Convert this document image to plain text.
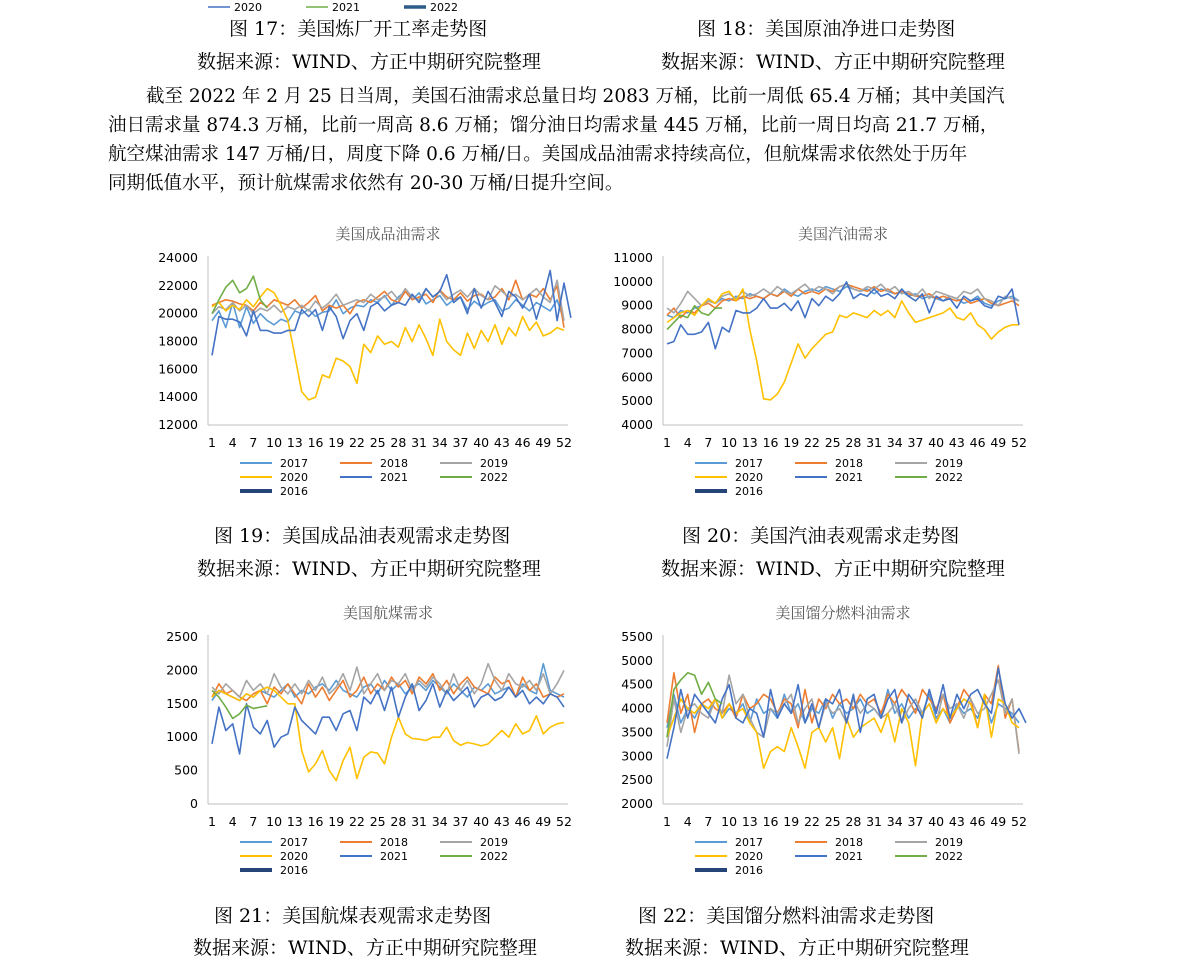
2020	2021	2022
图 17：美国炼厂开工率走势图	图 18：美国原油净进口走势图
数据来源：WIND、方正中期研究院整理	数据来源：WIND、方正中期研究院整理

截至 2022 年 2 月 25 日当周，美国石油需求总量日均 2083 万桶，比前一周低 65.4 万桶；其中美国汽

油日需求量 874.3 万桶，比前一周高 8.6 万桶；馏分油日均需求量 445 万桶，比前一周日均高 21.7 万桶，

航空煤油需求 147 万桶/日，周度下降 0.6 万桶/日。美国成品油需求持续高位，但航煤需求依然处于历年

同期低值水平，预计航煤需求依然有 20-30 万桶/日提升空间。

美国成品油需求
12000
14000
16000
18000
20000
22000
24000
1 4 7 10 13 16 19 22 25 28 31 34 37 40 43 46 49 52
2017	2018	2019
2020	2021	2022
2016
美国汽油需求
4000
5000
6000
7000
8000
9000
10000
11000
1 4 7 10 13 16 19 22 25 28 31 34 37 40 43 46 49 52
2017	2018	2019
2020	2021	2022
2016
图 19：美国成品油表观需求走势图	图 20：美国汽油表观需求走势图
数据来源：WIND、方正中期研究院整理	数据来源：WIND、方正中期研究院整理
美国航煤需求
0
500
1000
1500
2000
2500
1 4 7 10 13 16 19 22 25 28 31 34 37 40 43 46 49 52
2017	2018	2019
2020	2021	2022
2016
美国馏分燃料油需求
2000
2500
3000
3500
4000
4500
5000
5500
1 4 7 10 13 16 19 22 25 28 31 34 37 40 43 46 49 52
2017	2018	2019
2020	2021	2022
2016
图 21：美国航煤表观需求走势图	图 22：美国馏分燃料油需求走势图
数据来源：WIND、方正中期研究院整理	数据来源：WIND、方正中期研究院整理
